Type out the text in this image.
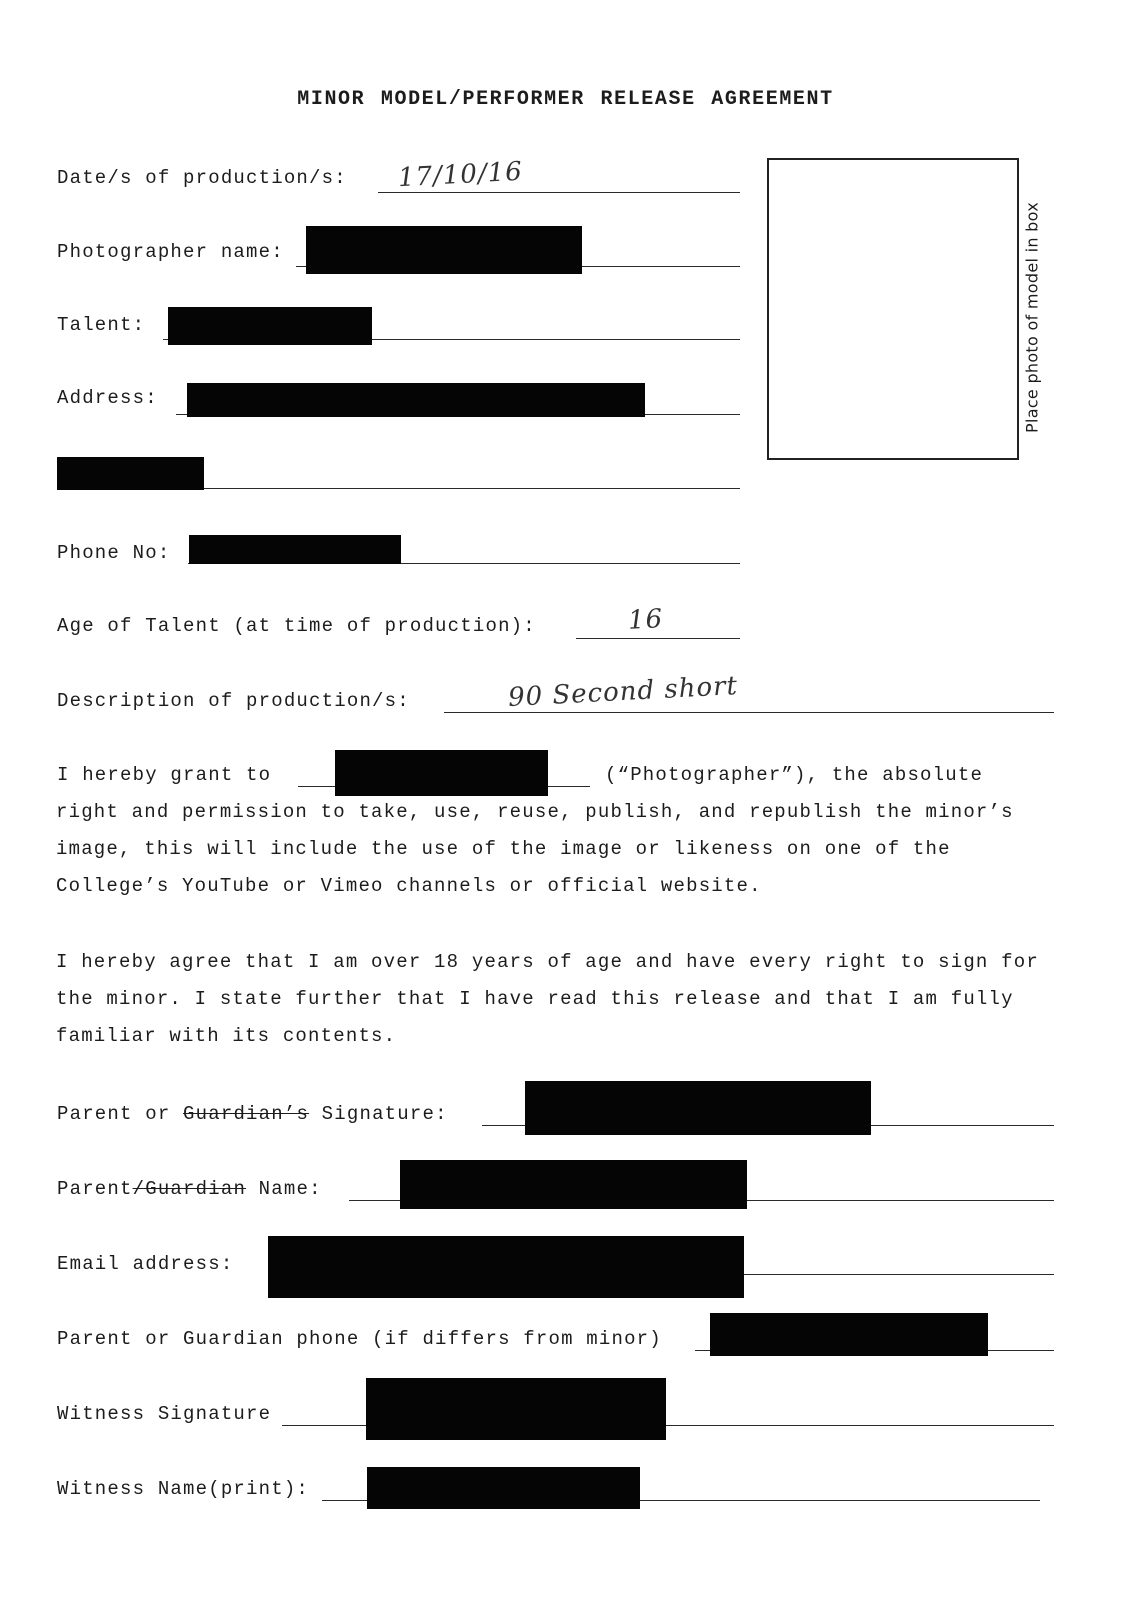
MINOR MODEL/PERFORMER RELEASE AGREEMENT
Place photo of model in box
Date/s of production/s: 17/10/16
Photographer name:
Talent:
Address:
Phone No:
Age of Talent (at time of production):	16
Description of production/s:	90 Second short
I hereby grant to	(“Photographer”), the absolute
right and permission to take, use, reuse, publish, and republish the minor’s image, this will include the use of the image or likeness on one of the College’s YouTube or Vimeo channels or official website.
I hereby agree that I am over 18 years of age and have every right to sign for the minor. I state further that I have read this release and that I am fully familiar with its contents.
Parent or Guardian’s Signature:
Parent/Guardian Name:
Email address:
Parent or Guardian phone (if differs from minor)
Witness Signature
Witness Name(print):
